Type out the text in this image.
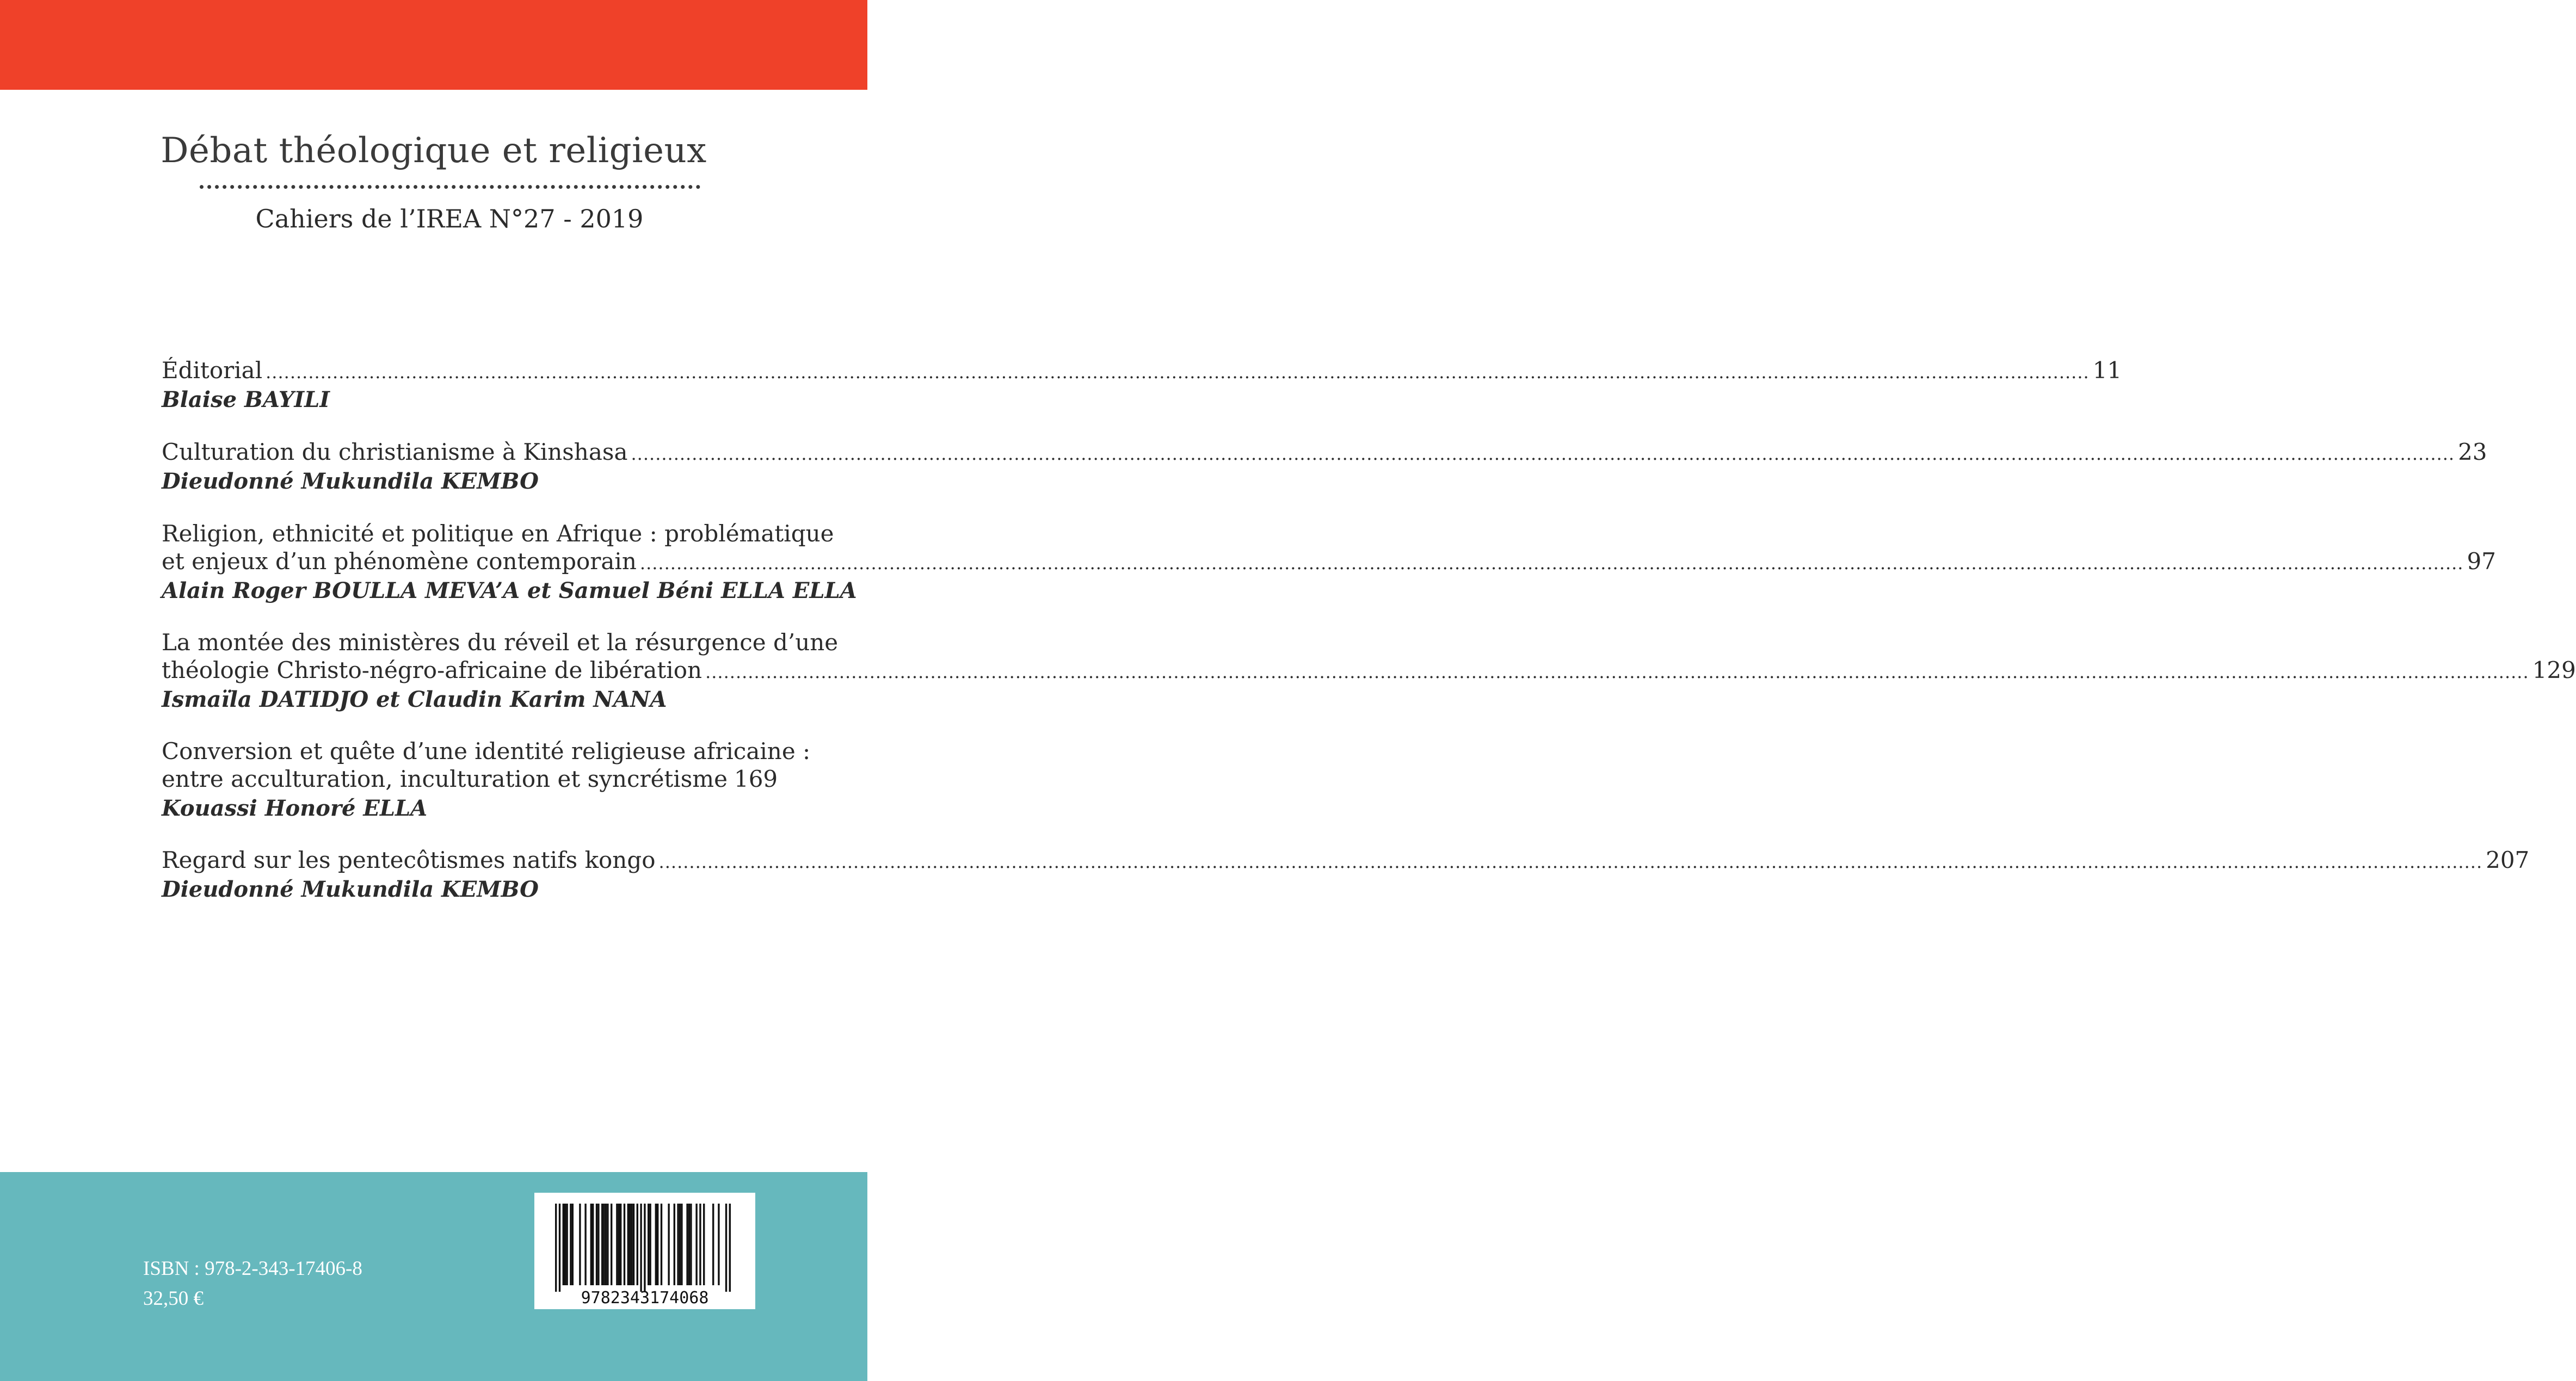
Débat théologique et religieux
Cahiers de l’IREA N°27 - 2019
Éditorial ............................................................................................................................................................................................................................................................................................................ 11
Blaise BAYILI
Culturation du christianisme à Kinshasa ............................................................................................................................................................................................................................................................................................................ 23
Dieudonné Mukundila KEMBO
Religion, ethnicité et politique en Afrique : problématique
et enjeux d’un phénomène contemporain ............................................................................................................................................................................................................................................................................................................ 97
Alain Roger BOULLA MEVA’A et Samuel Béni ELLA ELLA
La montée des ministères du réveil et la résurgence d’une
théologie Christo-négro-africaine de libération ............................................................................................................................................................................................................................................................................................................ 129
Ismaïla DATIDJO et Claudin Karim NANA
Conversion et quête d’une identité religieuse africaine :
entre acculturation, inculturation et syncrétisme 169
Kouassi Honoré ELLA
Regard sur les pentecôtismes natifs kongo ............................................................................................................................................................................................................................................................................................................ 207
Dieudonné Mukundila KEMBO
ISBN : 978-2-343-17406-8
32,50 €	9782343174068
